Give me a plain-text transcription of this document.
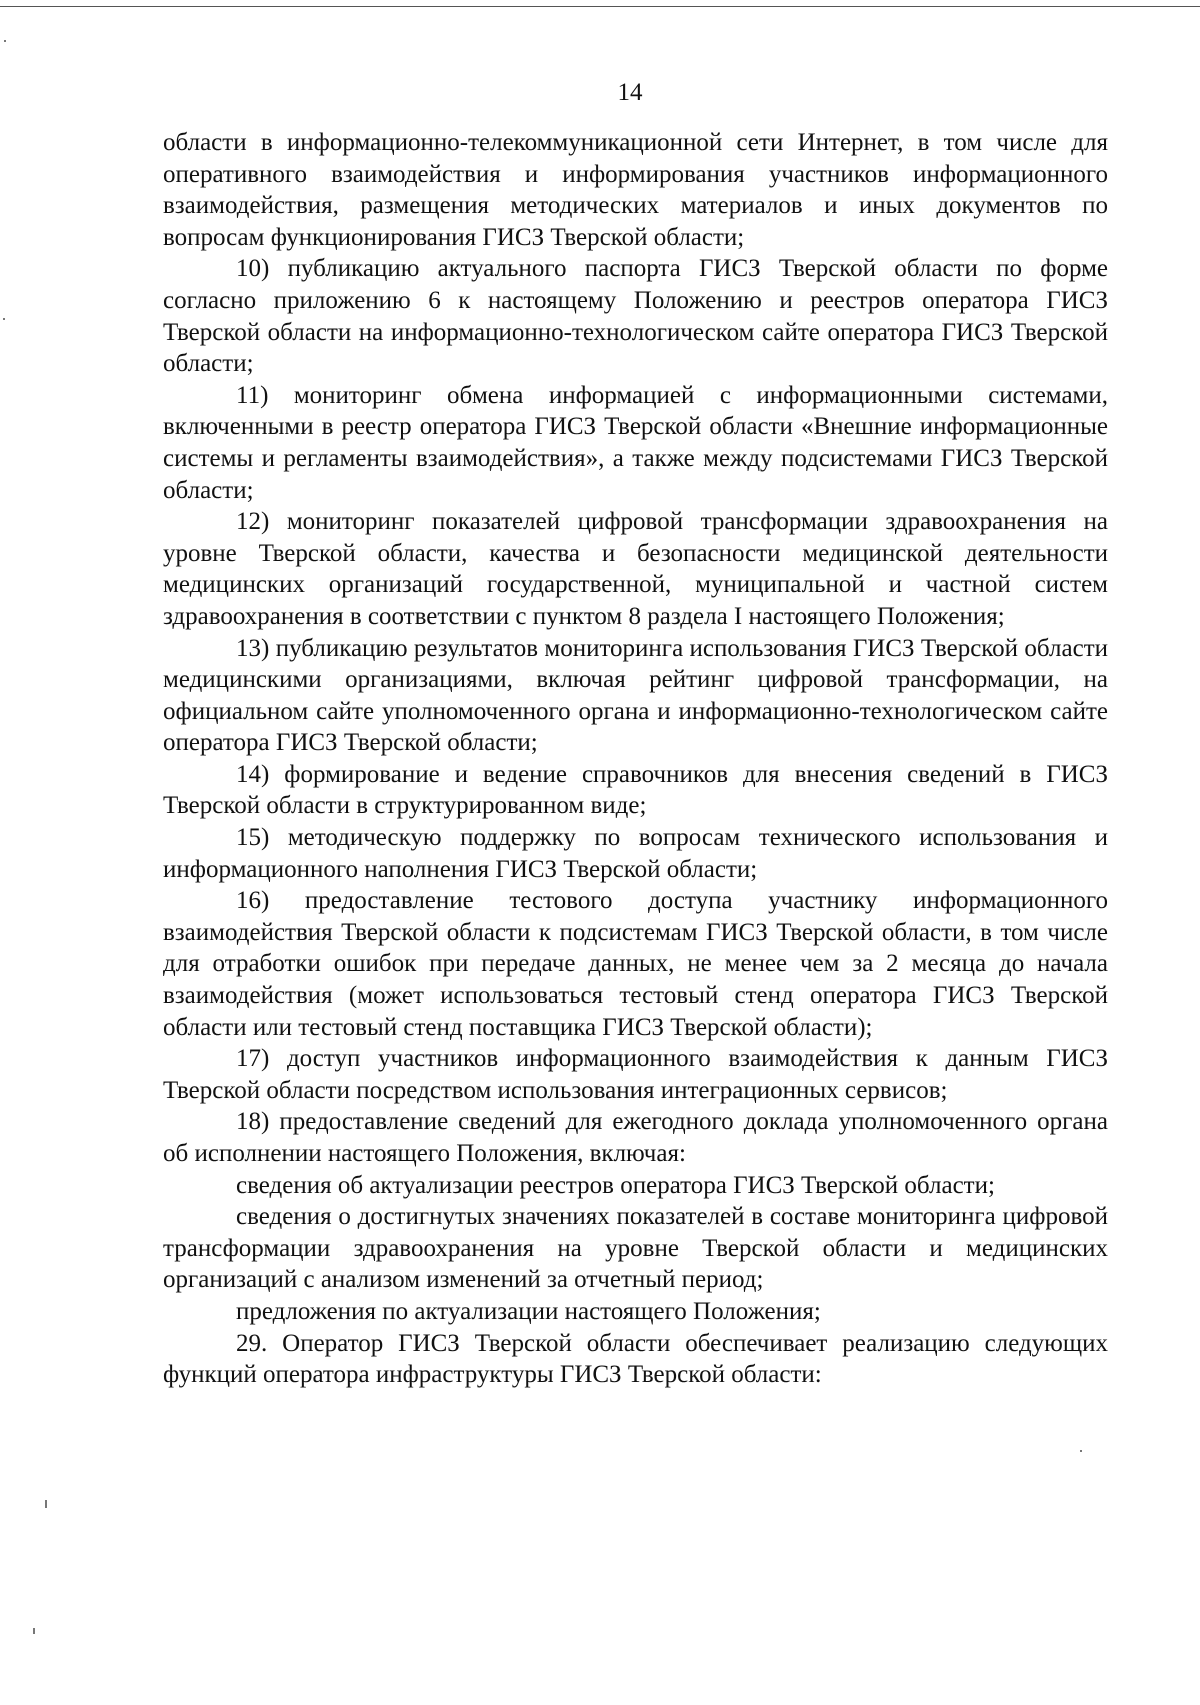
14

области в информационно-телекоммуникационной сети Интернет, в том числе для оперативного взаимодействия и информирования участников информационного взаимодействия, размещения методических материалов и иных документов по вопросам функционирования ГИСЗ Тверской области;

10) публикацию актуального паспорта ГИСЗ Тверской области по форме согласно приложению 6 к настоящему Положению и реестров оператора ГИСЗ Тверской области на информационно-технологическом сайте оператора ГИСЗ Тверской области;

11) мониторинг обмена информацией с информационными системами, включенными в реестр оператора ГИСЗ Тверской области «Внешние информационные системы и регламенты взаимодействия», а также между подсистемами ГИСЗ Тверской области;

12) мониторинг показателей цифровой трансформации здравоохранения на уровне Тверской области, качества и безопасности медицинской деятельности медицинских организаций государственной, муниципальной и частной систем здравоохранения в соответствии с пунктом 8 раздела I настоящего Положения;

13) публикацию результатов мониторинга использования ГИСЗ Тверской области медицинскими организациями, включая рейтинг цифровой трансформации, на официальном сайте уполномоченного органа и информационно-технологическом сайте оператора ГИСЗ Тверской области;

14) формирование и ведение справочников для внесения сведений в ГИСЗ Тверской области в структурированном виде;

15) методическую поддержку по вопросам технического использования и информационного наполнения ГИСЗ Тверской области;

16) предоставление тестового доступа участнику информационного взаимодействия Тверской области к подсистемам ГИСЗ Тверской области, в том числе для отработки ошибок при передаче данных, не менее чем за 2 месяца до начала взаимодействия (может использоваться тестовый стенд оператора ГИСЗ Тверской области или тестовый стенд поставщика ГИСЗ Тверской области);

17) доступ участников информационного взаимодействия к данным ГИСЗ Тверской области посредством использования интеграционных сервисов;

18) предоставление сведений для ежегодного доклада уполномоченного органа об исполнении настоящего Положения, включая:

сведения об актуализации реестров оператора ГИСЗ Тверской области;

сведения о достигнутых значениях показателей в составе мониторинга цифровой трансформации здравоохранения на уровне Тверской области и медицинских организаций с анализом изменений за отчетный период;

предложения по актуализации настоящего Положения;

29. Оператор ГИСЗ Тверской области обеспечивает реализацию следующих функций оператора инфраструктуры ГИСЗ Тверской области:
